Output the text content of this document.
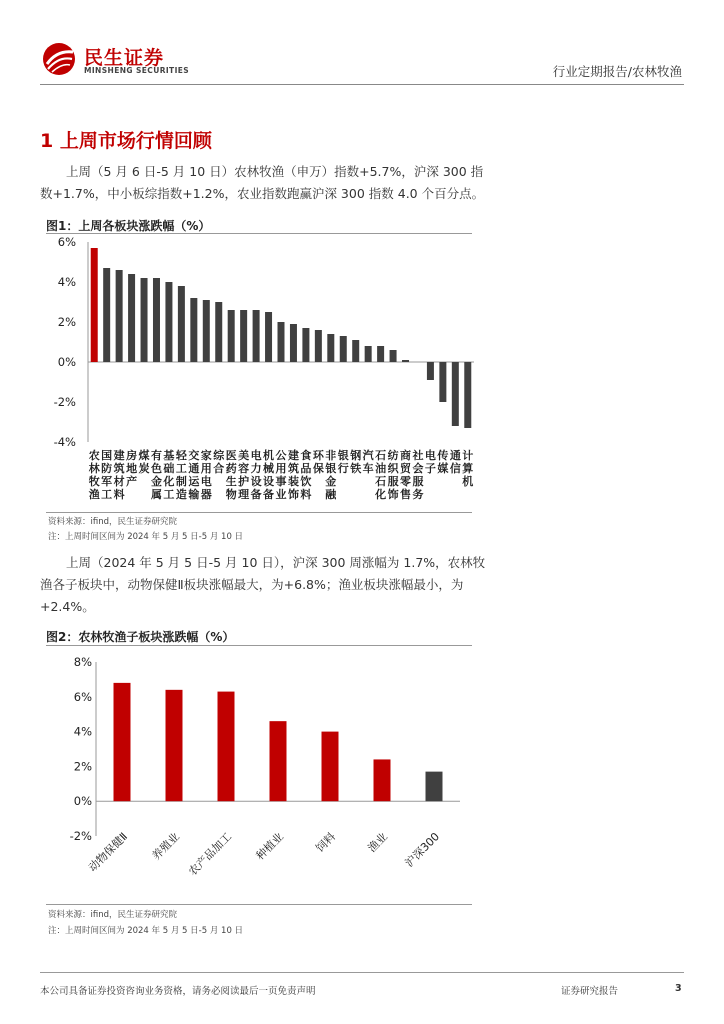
民生证券
MINSHENG SECURITIES	行业定期报告/农林牧渔
1 上周市场行情回顾
上周（5 月 6 日-5 月 10 日）农林牧渔（申万）指数+5.7%，沪深 300 指数+1.7%，中小板综指数+1.2%，农业指数跑赢沪深 300 指数 4.0 个百分点。
图1：上周各板块涨跌幅（%）
6%
4%
2%
0%
-2%
-4%
农林牧渔
国防军工
建筑材料
房地产
煤炭
有色金属
基础化工
轻工制造
交通运输
家用电器
综合
医药生物
美容护理
电力设备
机械设备
公用事业
建筑装饰
食品饮料
环保
非银金融
银行
钢铁
汽车
石油石化
纺织服饰
商贸零售
社会服务
电子
传媒
通信
计算机
资料来源：ifind，民生证券研究院
注：上周时间区间为 2024 年 5 月 5 日-5 月 10 日
上周（2024 年 5 月 5 日-5 月 10 日），沪深 300 周涨幅为 1.7%，农林牧渔各子板块中，动物保健Ⅱ板块涨幅最大，为+6.8%；渔业板块涨幅最小，为+2.4%。
图2：农林牧渔子板块涨跌幅（%）
8%
6%
4%
2%
0%
-2%
动物保健Ⅱ 养殖业 农产品加工 种植业 饲料 渔业 沪深300
资料来源：ifind，民生证券研究院
注：上周时间区间为 2024 年 5 月 5 日-5 月 10 日
本公司具备证券投资咨询业务资格，请务必阅读最后一页免责声明	证券研究报告	3
